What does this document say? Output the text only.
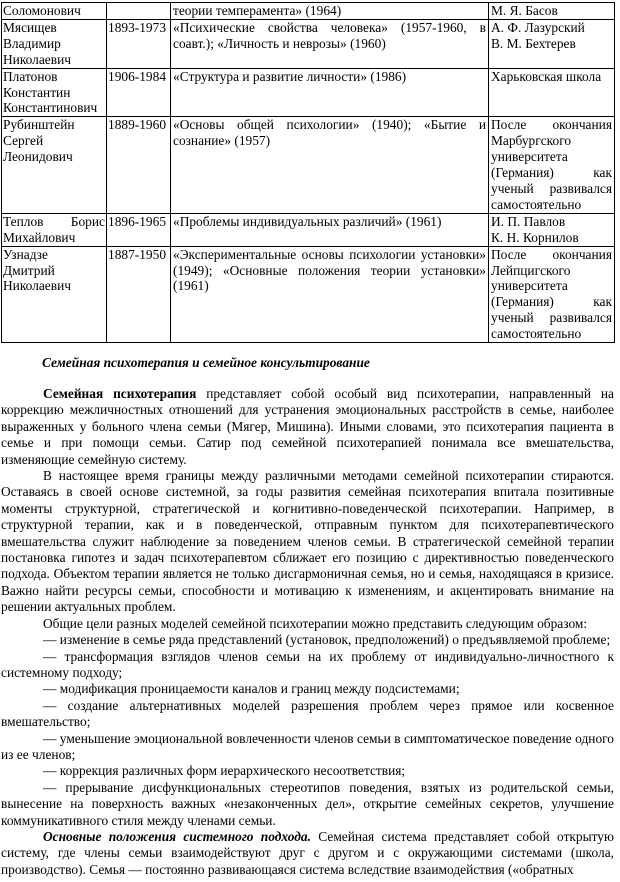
Соломонович		теории темперамента» (1964)	М. Я. Басов

Мясищев
Владимир
Николаевич	1893-1973	«Психические свойства человека» (1957-1960, в соавт.); «Личность и неврозы» (1960)	А. Ф. Лазурский
В. М. Бехтерев

Платонов
Константин
Константинович	1906-1984	«Структура и развитие личности» (1986)	Харьковская школа

Рубинштейн
Сергей
Леонидович	1889-1960	«Основы общей психологии» (1940); «Бытие и сознание» (1957)	После окончания Марбургского университета (Германия) как ученый развивался самостоятельно
Теплов Борис Михайлович	1896-1965	«Проблемы индивидуальных различий» (1961)	И. П. Павлов
К. Н. Корнилов

Узнадзе
Дмитрий
Николаевич	1887-1950	«Экспериментальные основы психологии установки» (1949); «Основные положения теории установки» (1961)	После окончания Лейпцигского университета (Германия) как ученый развивался самостоятельно
Семейная психотерапия и семейное консультирование

Семейная психотерапия представляет собой особый вид психотерапии, направленный на коррекцию межличностных отношений для устранения эмоциональных расстройств в семье, наиболее выраженных у больного члена семьи (Мягер, Мишина). Иными словами, это психотерапия пациента в семье и при помощи семьи. Сатир под семейной психотерапией понимала все вмешательства, изменяющие семейную систему.

В настоящее время границы между различными методами семейной психотерапии стираются. Оставаясь в своей основе системной, за годы развития семейная психотерапия впитала позитивные моменты структурной, стратегической и когнитивно-поведенческой психотерапии. Например, в структурной терапии, как и в поведенческой, отправным пунктом для психотерапевтического вмешательства служит наблюдение за поведением членов семьи. В стратегической семейной терапии постановка гипотез и задач психотерапевтом сближает его позицию с директивностью поведенческого подхода. Объектом терапии является не только дисгармоничная семья, но и семья, находящаяся в кризисе. Важно найти ресурсы семьи, способности и мотивацию к изменениям, и акцентировать внимание на решении актуальных проблем.

Общие цели разных моделей семейной психотерапии можно представить следующим образом:

— изменение в семье ряда представлений (установок, предположений) о предъявляемой проблеме;

— трансформация взглядов членов семьи на их проблему от индивидуально-личностного к системному подходу;

— модификация проницаемости каналов и границ между подсистемами;

— создание альтернативных моделей разрешения проблем через прямое или косвенное вмешательство;

— уменьшение эмоциональной вовлеченности членов семьи в симптоматическое поведение одного из ее членов;

— коррекция различных форм иерархического несоответствия;

— прерывание дисфункциональных стереотипов поведения, взятых из родительской семьи, вынесение на поверхность важных «незаконченных дел», открытие семейных секретов, улучшение коммуникативного стиля между членами семьи.

Основные положения системного подхода. Семейная система представляет собой открытую систему, где члены семьи взаимодействуют друг с другом и с окружающими системами (школа, производство). Семья — постоянно развивающаяся система вследствие взаимодействия («обратных
